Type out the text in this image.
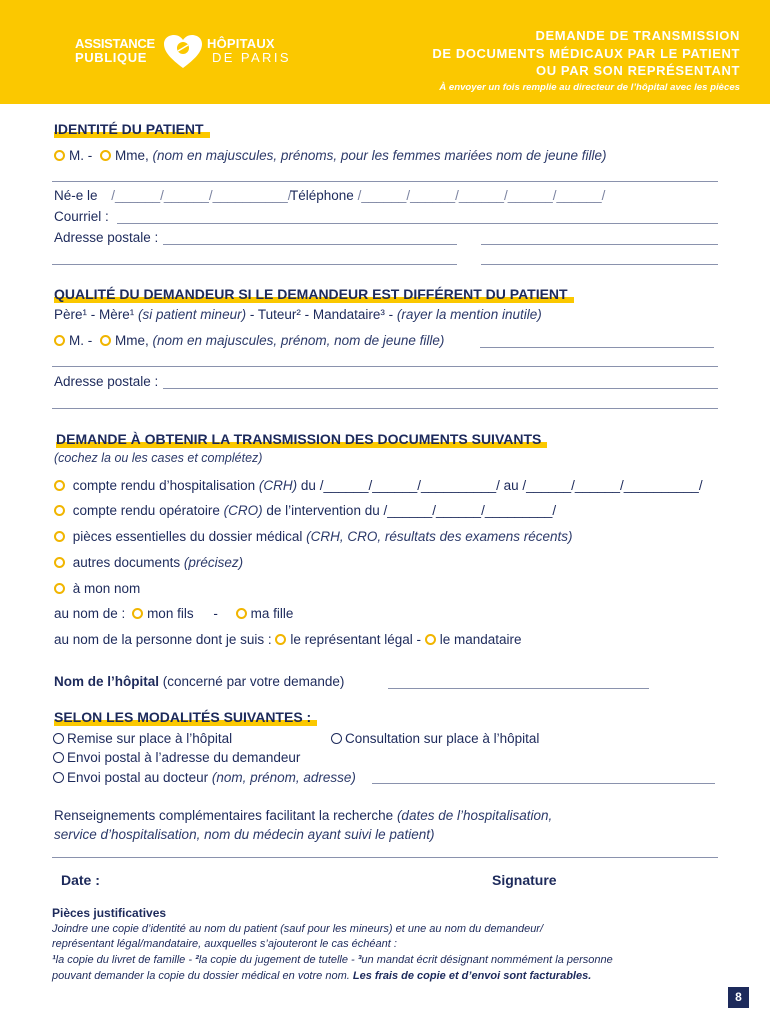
ASSISTANCE
PUBLIQUE
HÔPITAUX
DE PARIS
DEMANDE DE TRANSMISSION
DE DOCUMENTS MÉDICAUX PAR LE PATIENT
OU PAR SON REPRÉSENTANT
À envoyer un fois remplie au directeur de l’hôpital avec les pièces
IDENTITÉ DU PATIENT
M. - Mme, (nom en majuscules, prénoms, pour les femmes mariées nom de jeune fille)
Né-e le /______/______/__________/
Téléphone /______/______/______/______/______/
Courriel :
Adresse postale :
QUALITÉ DU DEMANDEUR SI LE DEMANDEUR EST DIFFÉRENT DU PATIENT
Père¹ - Mère¹ (si patient mineur) - Tuteur² - Mandataire³ - (rayer la mention inutile)
M. - Mme, (nom en majuscules, prénom, nom de jeune fille)
Adresse postale :
DEMANDE À OBTENIR LA TRANSMISSION DES DOCUMENTS SUIVANTS
(cochez la ou les cases et complétez)
compte rendu d’hospitalisation (CRH) du /______/______/__________/ au /______/______/__________/
compte rendu opératoire (CRO) de l’intervention du /______/______/_________/
pièces essentielles du dossier médical (CRH, CRO, résultats des examens récents)
autres documents (précisez)
à mon nom
au nom de : mon fils - ma fille
au nom de la personne dont je suis : le représentant légal - le mandataire
Nom de l’hôpital (concerné par votre demande)
SELON LES MODALITÉS SUIVANTES :
Remise sur place à l’hôpital	Consultation sur place à l’hôpital
Envoi postal à l’adresse du demandeur
Envoi postal au docteur (nom, prénom, adresse)
Renseignements complémentaires facilitant la recherche (dates de l’hospitalisation,
service d’hospitalisation, nom du médecin ayant suivi le patient)
Date :	Signature
Pièces justificatives
Joindre une copie d’identité au nom du patient (sauf pour les mineurs) et une au nom du demandeur/
représentant légal/mandataire, auxquelles s’ajouteront le cas échéant :
¹la copie du livret de famille - ²la copie du jugement de tutelle - ³un mandat écrit désignant nommément la personne
pouvant demander la copie du dossier médical en votre nom. Les frais de copie et d’envoi sont facturables.
8
